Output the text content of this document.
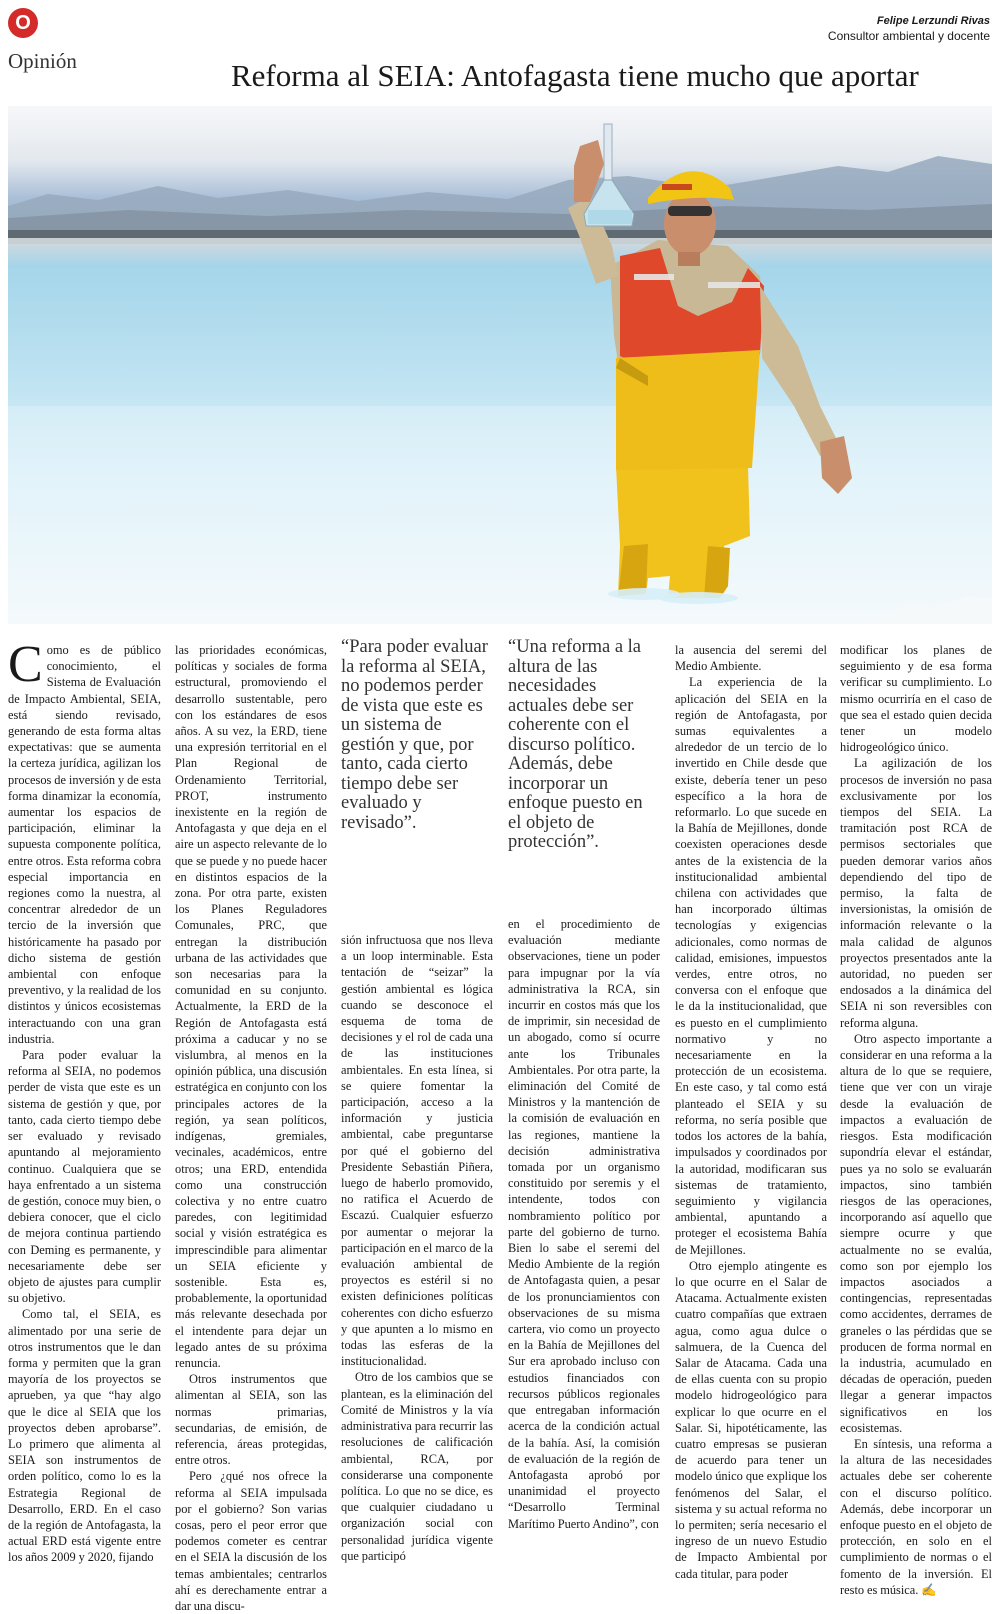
O
Opinión
Felipe Lerzundi Rivas
Consultor ambiental y docente
Reforma al SEIA: Antofagasta tiene mucho que aportar

Como es de público conocimiento, el Sistema de Evaluación de Impacto Ambiental, SEIA, está siendo revisado, generando de esta forma altas expectativas: que se aumenta la certeza jurídica, agilizan los procesos de inversión y de esta forma dinamizar la economía, aumentar los espacios de participación, eliminar la supuesta componente política, entre otros. Esta reforma cobra especial importancia en regiones como la nuestra, al concentrar alrededor de un tercio de la inversión que históricamente ha pasado por dicho sistema de gestión ambiental con enfoque preventivo, y la realidad de los distintos y únicos ecosistemas interactuando con una gran industria.

Para poder evaluar la reforma al SEIA, no podemos perder de vista que este es un sistema de gestión y que, por tanto, cada cierto tiempo debe ser evaluado y revisado apuntando al mejoramiento continuo. Cualquiera que se haya enfrentado a un sistema de gestión, conoce muy bien, o debiera conocer, que el ciclo de mejora continua partiendo con Deming es permanente, y necesariamente debe ser objeto de ajustes para cumplir su objetivo.

Como tal, el SEIA, es alimentado por una serie de otros instrumentos que le dan forma y permiten que la gran mayoría de los proyectos se aprueben, ya que “hay algo que le dice al SEIA que los proyectos deben aprobarse”. Lo primero que alimenta al SEIA son instrumentos de orden político, como lo es la Estrategia Regional de Desarrollo, ERD. En el caso de la región de Antofagasta, la actual ERD está vigente entre los años 2009 y 2020, fijando

las prioridades económicas, políticas y sociales de forma estructural, promoviendo el desarrollo sustentable, pero con los estándares de esos años. A su vez, la ERD, tiene una expresión territorial en el Plan Regional de Ordenamiento Territorial, PROT, instrumento inexistente en la región de Antofagasta y que deja en el aire un aspecto relevante de lo que se puede y no puede hacer en distintos espacios de la zona. Por otra parte, existen los Planes Reguladores Comunales, PRC, que entregan la distribución urbana de las actividades que son necesarias para la comunidad en su conjunto. Actualmente, la ERD de la Región de Antofagasta está próxima a caducar y no se vislumbra, al menos en la opinión pública, una discusión estratégica en conjunto con los principales actores de la región, ya sean políticos, indígenas, gremiales, vecinales, académicos, entre otros; una ERD, entendida como una construcción colectiva y no entre cuatro paredes, con legitimidad social y visión estratégica es imprescindible para alimentar un SEIA eficiente y sostenible. Esta es, probablemente, la oportunidad más relevante desechada por el intendente para dejar un legado antes de su próxima renuncia.

Otros instrumentos que alimentan al SEIA, son las normas primarias, secundarias, de emisión, de referencia, áreas protegidas, entre otros.

Pero ¿qué nos ofrece la reforma al SEIA impulsada por el gobierno? Son varias cosas, pero el peor error que podemos cometer es centrar en el SEIA la discusión de los temas ambientales; centrarlos ahí es derechamente entrar a dar una discu-

“Para poder evaluar la reforma al SEIA, no podemos perder de vista que este es un sistema de gestión y que, por tanto, cada cierto tiempo debe ser evaluado y revisado”.
“Una reforma a la altura de las necesidades actuales debe ser coherente con el discurso político. Además, debe incorporar un enfoque puesto en el objeto de protección”.

sión infructuosa que nos lleva a un loop interminable. Esta tentación de “seizar” la gestión ambiental es lógica cuando se desconoce el esquema de toma de decisiones y el rol de cada una de las instituciones ambientales. En esta línea, si se quiere fomentar la participación, acceso a la información y justicia ambiental, cabe preguntarse por qué el gobierno del Presidente Sebastián Piñera, luego de haberlo promovido, no ratifica el Acuerdo de Escazú. Cualquier esfuerzo por aumentar o mejorar la participación en el marco de la evaluación ambiental de proyectos es estéril si no existen definiciones políticas coherentes con dicho esfuerzo y que apunten a lo mismo en todas las esferas de la institucionalidad.

Otro de los cambios que se plantean, es la eliminación del Comité de Ministros y la vía administrativa para recurrir las resoluciones de calificación ambiental, RCA, por considerarse una componente política. Lo que no se dice, es que cualquier ciudadano u organización social con personalidad jurídica vigente que participó

en el procedimiento de evaluación mediante observaciones, tiene un poder para impugnar por la vía administrativa la RCA, sin incurrir en costos más que los de imprimir, sin necesidad de un abogado, como sí ocurre ante los Tribunales Ambientales. Por otra parte, la eliminación del Comité de Ministros y la mantención de la comisión de evaluación en las regiones, mantiene la decisión administrativa tomada por un organismo constituido por seremis y el intendente, todos con nombramiento político por parte del gobierno de turno. Bien lo sabe el seremi del Medio Ambiente de la región de Antofagasta quien, a pesar de los pronunciamientos con observaciones de su misma cartera, vio como un proyecto en la Bahía de Mejillones del Sur era aprobado incluso con estudios financiados con recursos públicos regionales que entregaban información acerca de la condición actual de la bahía. Así, la comisión de evaluación de la región de Antofagasta aprobó por unanimidad el proyecto “Desarrollo Terminal Marítimo Puerto Andino”, con

la ausencia del seremi del Medio Ambiente.

La experiencia de la aplicación del SEIA en la región de Antofagasta, por sumas equivalentes a alrededor de un tercio de lo invertido en Chile desde que existe, debería tener un peso específico a la hora de reformarlo. Lo que sucede en la Bahía de Mejillones, donde coexisten operaciones desde antes de la existencia de la institucionalidad ambiental chilena con actividades que han incorporado últimas tecnologías y exigencias adicionales, como normas de calidad, emisiones, impuestos verdes, entre otros, no conversa con el enfoque que le da la institucionalidad, que es puesto en el cumplimiento normativo y no necesariamente en la protección de un ecosistema. En este caso, y tal como está planteado el SEIA y su reforma, no sería posible que todos los actores de la bahía, impulsados y coordinados por la autoridad, modificaran sus sistemas de tratamiento, seguimiento y vigilancia ambiental, apuntando a proteger el ecosistema Bahía de Mejillones.

Otro ejemplo atingente es lo que ocurre en el Salar de Atacama. Actualmente existen cuatro compañías que extraen agua, como agua dulce o salmuera, de la Cuenca del Salar de Atacama. Cada una de ellas cuenta con su propio modelo hidrogeológico para explicar lo que ocurre en el Salar. Si, hipotéticamente, las cuatro empresas se pusieran de acuerdo para tener un modelo único que explique los fenómenos del Salar, el sistema y su actual reforma no lo permiten; sería necesario el ingreso de un nuevo Estudio de Impacto Ambiental por cada titular, para poder

modificar los planes de seguimiento y de esa forma verificar su cumplimiento. Lo mismo ocurriría en el caso de que sea el estado quien decida tener un modelo hidrogeológico único.

La agilización de los procesos de inversión no pasa exclusivamente por los tiempos del SEIA. La tramitación post RCA de permisos sectoriales que pueden demorar varios años dependiendo del tipo de permiso, la falta de inversionistas, la omisión de información relevante o la mala calidad de algunos proyectos presentados ante la autoridad, no pueden ser endosados a la dinámica del SEIA ni son reversibles con reforma alguna.

Otro aspecto importante a considerar en una reforma a la altura de lo que se requiere, tiene que ver con un viraje desde la evaluación de impactos a evaluación de riesgos. Esta modificación supondría elevar el estándar, pues ya no solo se evaluarán impactos, sino también riesgos de las operaciones, incorporando así aquello que siempre ocurre y que actualmente no se evalúa, como son por ejemplo los impactos asociados a contingencias, representadas como accidentes, derrames de graneles o las pérdidas que se producen de forma normal en la industria, acumulado en décadas de operación, pueden llegar a generar impactos significativos en los ecosistemas.

En síntesis, una reforma a la altura de las necesidades actuales debe ser coherente con el discurso político. Además, debe incorporar un enfoque puesto en el objeto de protección, en solo en el cumplimiento de normas o el fomento de la inversión. El resto es música. ✍
